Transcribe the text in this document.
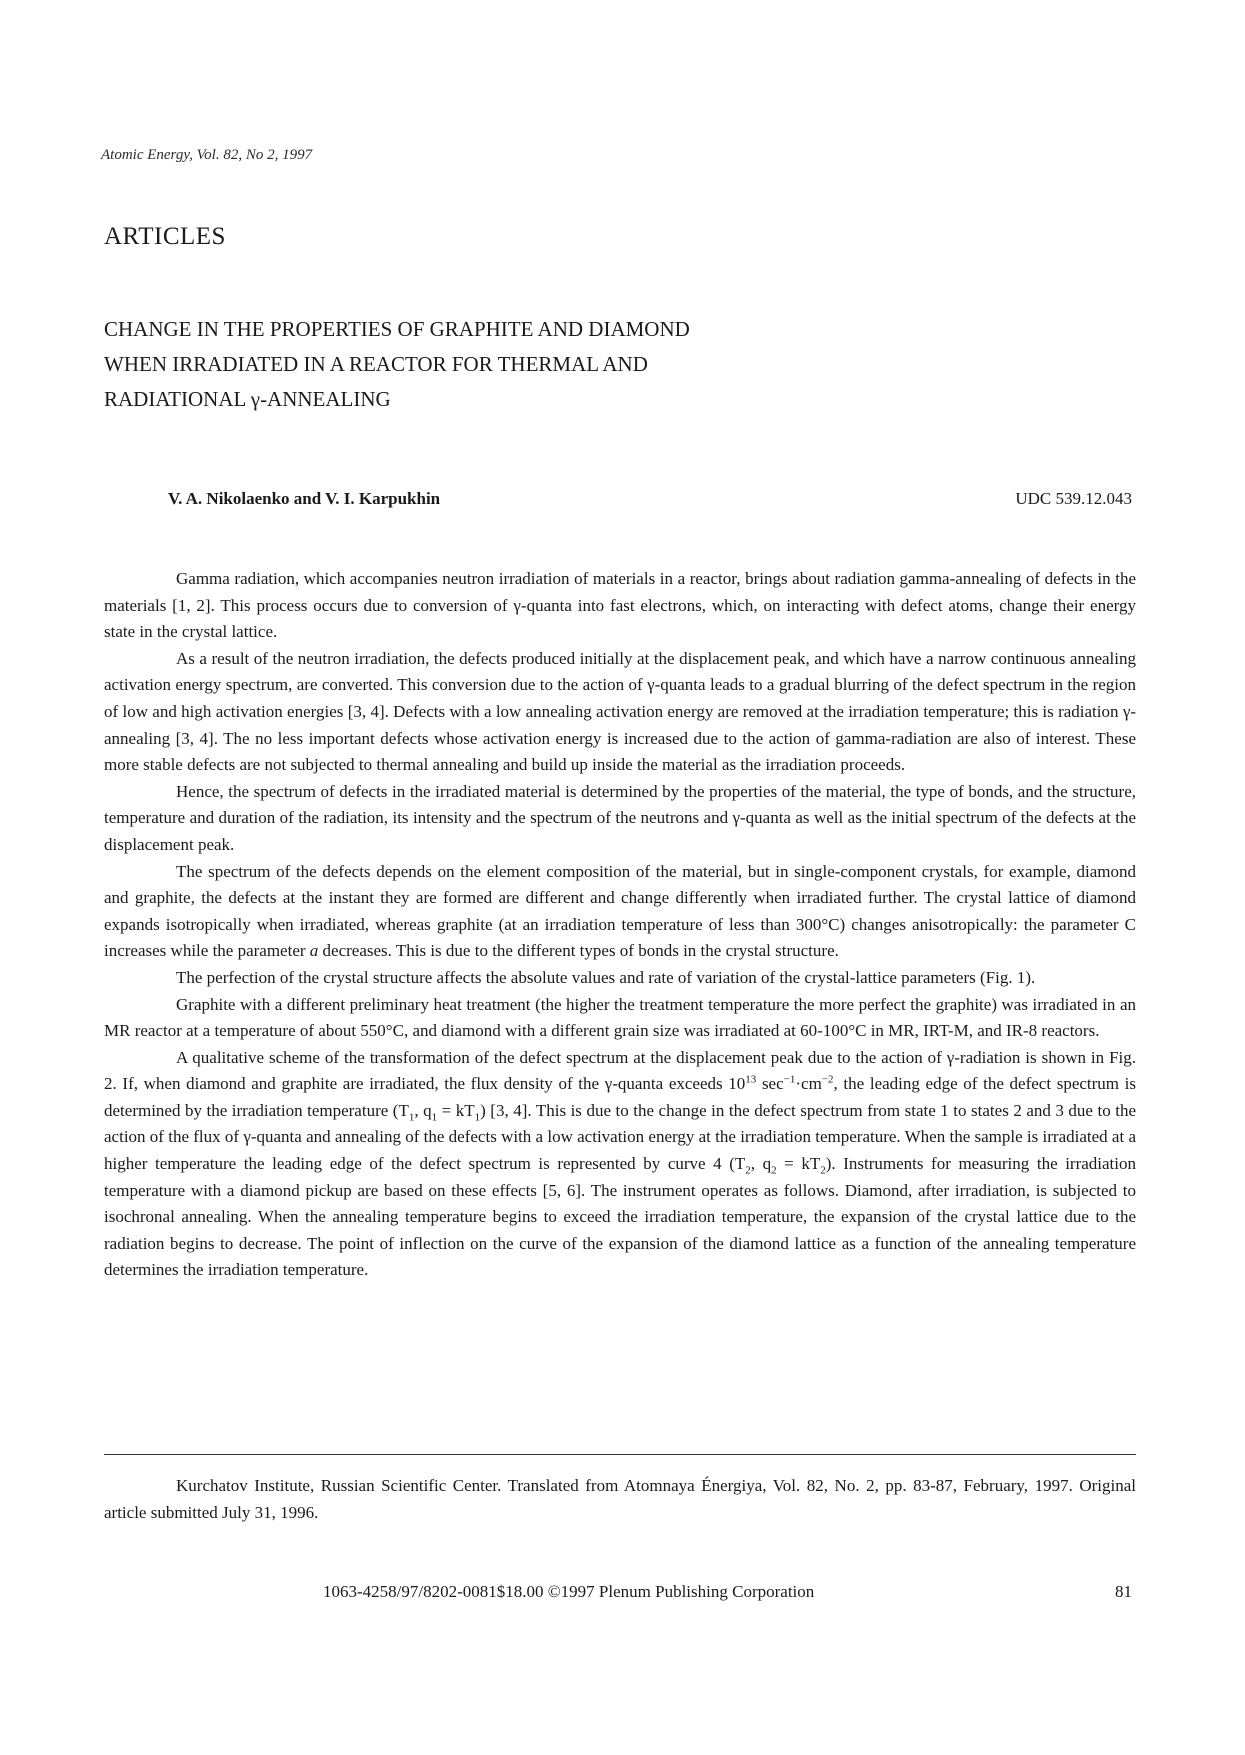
Atomic Energy, Vol. 82, No 2, 1997
ARTICLES
CHANGE IN THE PROPERTIES OF GRAPHITE AND DIAMOND
WHEN IRRADIATED IN A REACTOR FOR THERMAL AND
RADIATIONAL γ-ANNEALING
V. A. Nikolaenko and V. I. Karpukhin	UDC 539.12.043

Gamma radiation, which accompanies neutron irradiation of materials in a reactor, brings about radiation gamma-annealing of defects in the materials [1, 2]. This process occurs due to conversion of γ-quanta into fast electrons, which, on interacting with defect atoms, change their energy state in the crystal lattice.

As a result of the neutron irradiation, the defects produced initially at the displacement peak, and which have a narrow continuous annealing activation energy spectrum, are converted. This conversion due to the action of γ-quanta leads to a gradual blurring of the defect spectrum in the region of low and high activation energies [3, 4]. Defects with a low annealing activation energy are removed at the irradiation temperature; this is radiation γ-annealing [3, 4]. The no less important defects whose activation energy is increased due to the action of gamma-radiation are also of interest. These more stable defects are not subjected to thermal annealing and build up inside the material as the irradiation proceeds.

Hence, the spectrum of defects in the irradiated material is determined by the properties of the material, the type of bonds, and the structure, temperature and duration of the radiation, its intensity and the spectrum of the neutrons and γ-quanta as well as the initial spectrum of the defects at the displacement peak.

The spectrum of the defects depends on the element composition of the material, but in single-component crystals, for example, diamond and graphite, the defects at the instant they are formed are different and change differently when irradiated further. The crystal lattice of diamond expands isotropically when irradiated, whereas graphite (at an irradiation temperature of less than 300°C) changes anisotropically: the parameter C increases while the parameter a decreases. This is due to the different types of bonds in the crystal structure.

The perfection of the crystal structure affects the absolute values and rate of variation of the crystal-lattice parameters (Fig. 1).

Graphite with a different preliminary heat treatment (the higher the treatment temperature the more perfect the graphite) was irradiated in an MR reactor at a temperature of about 550°C, and diamond with a different grain size was irradiated at 60-100°C in MR, IRT-M, and IR-8 reactors.

A qualitative scheme of the transformation of the defect spectrum at the displacement peak due to the action of γ-radiation is shown in Fig. 2. If, when diamond and graphite are irradiated, the flux density of the γ-quanta exceeds $10^{13}$ $\sec^{-1}\cdot cm^{-2}$, the leading edge of the defect spectrum is determined by the irradiation temperature ($T_1$, $q_1 = kT_1$) [3, 4]. This is due to the change in the defect spectrum from state 1 to states 2 and 3 due to the action of the flux of γ-quanta and annealing of the defects with a low activation energy at the irradiation temperature. When the sample is irradiated at a higher temperature the leading edge of the defect spectrum is represented by curve 4 ($T_2$, $q_2 = kT_2$). Instruments for measuring the irradiation temperature with a diamond pickup are based on these effects [5, 6]. The instrument operates as follows. Diamond, after irradiation, is subjected to isochronal annealing. When the annealing temperature begins to exceed the irradiation temperature, the expansion of the crystal lattice due to the radiation begins to decrease. The point of inflection on the curve of the expansion of the diamond lattice as a function of the annealing temperature determines the irradiation temperature.

Kurchatov Institute, Russian Scientific Center. Translated from Atomnaya Énergiya, Vol. 82, No. 2, pp. 83-87, February, 1997. Original article submitted July 31, 1996.

1063-4258/97/8202-0081$18.00 ©1997 Plenum Publishing Corporation	81
